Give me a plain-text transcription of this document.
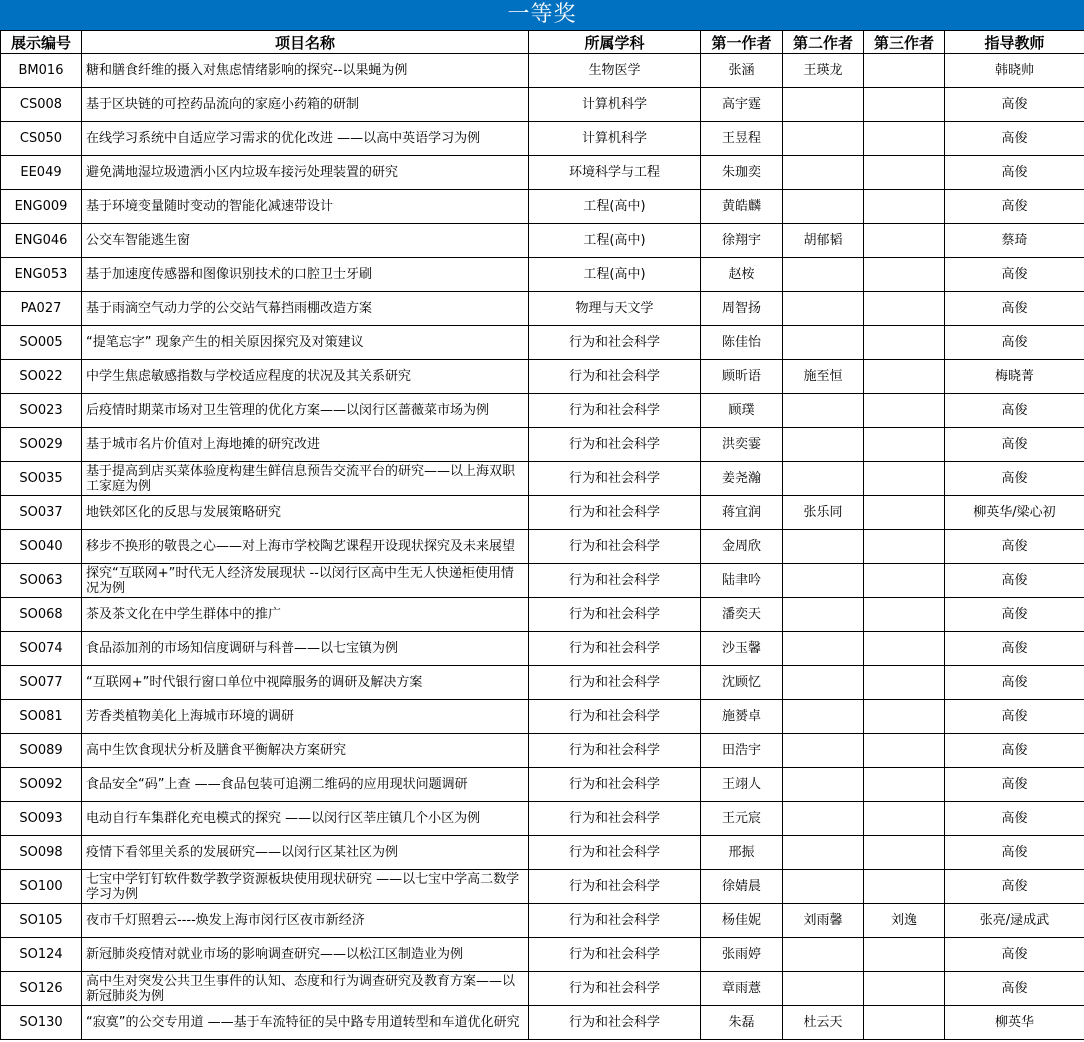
一等奖
展示编号	项目名称	所属学科	第一作者	第二作者	第三作者	指导教师
BM016	糖和膳食纤维的摄入对焦虑情绪影响的探究--以果蝇为例	生物医学	张涵	王瑛龙		韩晓帅
CS008	基于区块链的可控药品流向的家庭小药箱的研制	计算机科学	高宇霆			高俊
CS050	在线学习系统中自适应学习需求的优化改进 ——以高中英语学习为例	计算机科学	王昱程			高俊
EE049	避免满地湿垃圾遗洒小区内垃圾车接污处理装置的研究	环境科学与工程	朱珈奕			高俊
ENG009	基于环境变量随时变动的智能化减速带设计	工程(高中)	黄皓麟			高俊
ENG046	公交车智能逃生窗	工程(高中)	徐翔宇	胡郁韬		蔡琦
ENG053	基于加速度传感器和图像识别技术的口腔卫士牙刷	工程(高中)	赵桉			高俊
PA027	基于雨滴空气动力学的公交站气幕挡雨棚改造方案	物理与天文学	周智扬			高俊
SO005	“提笔忘字” 现象产生的相关原因探究及对策建议	行为和社会科学	陈佳怡			高俊
SO022	中学生焦虑敏感指数与学校适应程度的状况及其关系研究	行为和社会科学	顾昕语	施至恒		梅晓菁
SO023	后疫情时期菜市场对卫生管理的优化方案——以闵行区蔷薇菜市场为例	行为和社会科学	顾璞			高俊
SO029	基于城市名片价值对上海地摊的研究改进	行为和社会科学	洪奕霎			高俊
SO035	基于提高到店买菜体验度构建生鲜信息预告交流平台的研究——以上海双职工家庭为例	行为和社会科学	姜尧瀚			高俊
SO037	地铁郊区化的反思与发展策略研究	行为和社会科学	蒋宜润	张乐同		柳英华/梁心初
SO040	移步不换形的敬畏之心——对上海市学校陶艺课程开设现状探究及未来展望	行为和社会科学	金周欣			高俊
SO063	探究“互联网+”时代无人经济发展现状 --以闵行区高中生无人快递柜使用情况为例	行为和社会科学	陆聿吟			高俊
SO068	茶及茶文化在中学生群体中的推广	行为和社会科学	潘奕天			高俊
SO074	食品添加剂的市场知信度调研与科普——以七宝镇为例	行为和社会科学	沙玉馨			高俊
SO077	“互联网+”时代银行窗口单位中视障服务的调研及解决方案	行为和社会科学	沈顾忆			高俊
SO081	芳香类植物美化上海城市环境的调研	行为和社会科学	施赟卓			高俊
SO089	高中生饮食现状分析及膳食平衡解决方案研究	行为和社会科学	田浩宇			高俊
SO092	食品安全“码”上查 ——食品包装可追溯二维码的应用现状问题调研	行为和社会科学	王翊人			高俊
SO093	电动自行车集群化充电模式的探究 ——以闵行区莘庄镇几个小区为例	行为和社会科学	王元宸			高俊
SO098	疫情下看邻里关系的发展研究——以闵行区某社区为例	行为和社会科学	邢振			高俊
SO100	七宝中学钉钉软件数学教学资源板块使用现状研究 ——以七宝中学高二数学学习为例	行为和社会科学	徐婧晨			高俊
SO105	夜市千灯照碧云----焕发上海市闵行区夜市新经济	行为和社会科学	杨佳妮	刘雨馨	刘逸	张亮/逯成武
SO124	新冠肺炎疫情对就业市场的影响调查研究——以松江区制造业为例	行为和社会科学	张雨婷			高俊
SO126	高中生对突发公共卫生事件的认知、态度和行为调查研究及教育方案——以新冠肺炎为例	行为和社会科学	章雨薏			高俊
SO130	“寂寞”的公交专用道 ——基于车流特征的吴中路专用道转型和车道优化研究	行为和社会科学	朱磊	杜云天		柳英华
